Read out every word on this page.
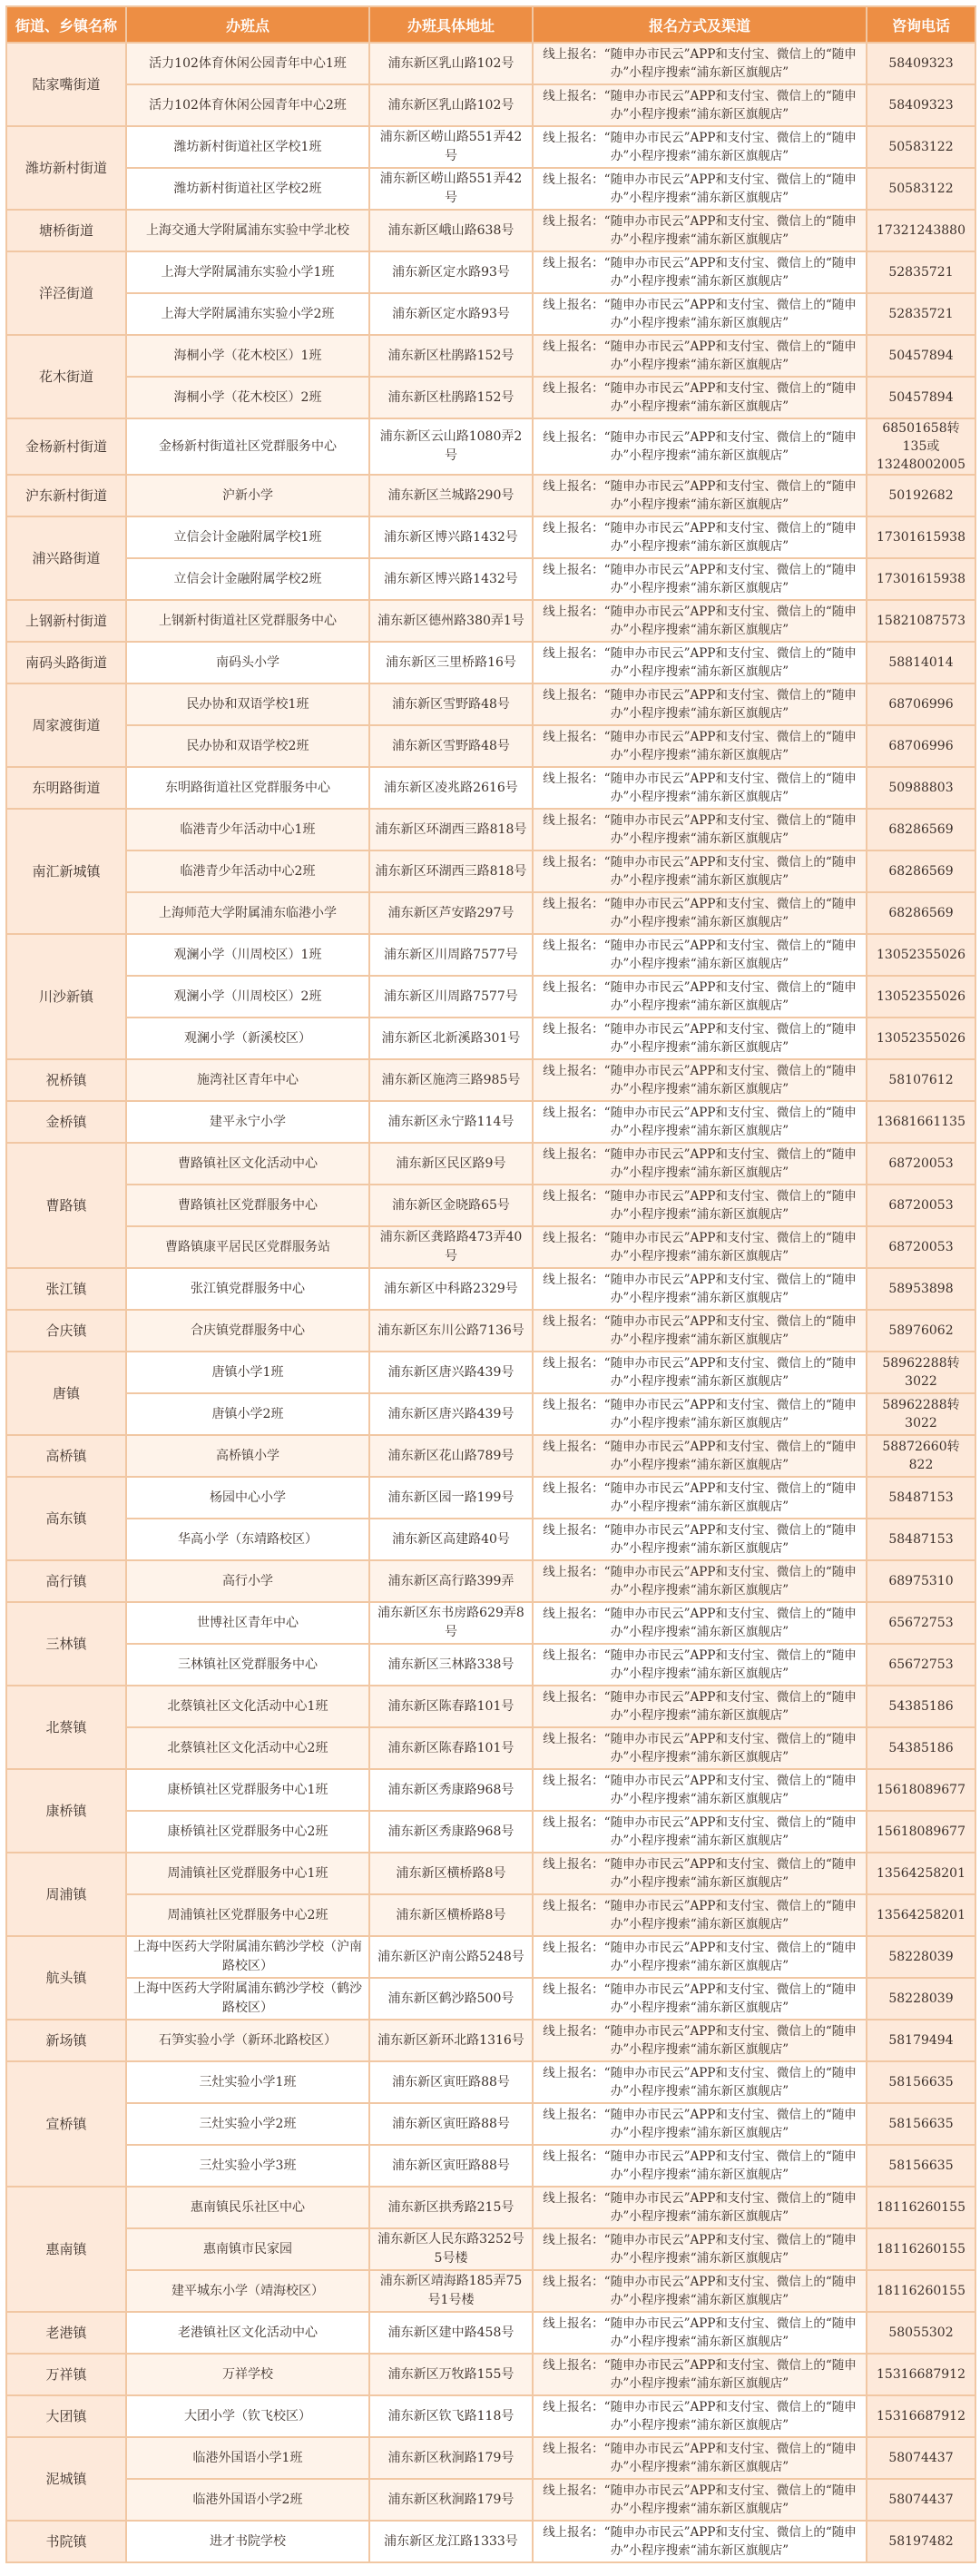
街道、乡镇名称	办班点	办班具体地址	报名方式及渠道	咨询电话
陆家嘴街道	活力102体育休闲公园青年中心1班	浦东新区乳山路102号	线上报名：“随申办市民云”APP和支付宝、微信上的“随申办”小程序搜索“浦东新区旗舰店”	58409323
	活力102体育休闲公园青年中心2班	浦东新区乳山路102号	线上报名：“随申办市民云”APP和支付宝、微信上的“随申办”小程序搜索“浦东新区旗舰店”	58409323
潍坊新村街道	潍坊新村街道社区学校1班	浦东新区崂山路551弄42号	线上报名：“随申办市民云”APP和支付宝、微信上的“随申办”小程序搜索“浦东新区旗舰店”	50583122
	潍坊新村街道社区学校2班	浦东新区崂山路551弄42号	线上报名：“随申办市民云”APP和支付宝、微信上的“随申办”小程序搜索“浦东新区旗舰店”	50583122
塘桥街道	上海交通大学附属浦东实验中学北校	浦东新区峨山路638号	线上报名：“随申办市民云”APP和支付宝、微信上的“随申办”小程序搜索“浦东新区旗舰店”	17321243880
洋泾街道	上海大学附属浦东实验小学1班	浦东新区定水路93号	线上报名：“随申办市民云”APP和支付宝、微信上的“随申办”小程序搜索“浦东新区旗舰店”	52835721
	上海大学附属浦东实验小学2班	浦东新区定水路93号	线上报名：“随申办市民云”APP和支付宝、微信上的“随申办”小程序搜索“浦东新区旗舰店”	52835721
花木街道	海桐小学（花木校区）1班	浦东新区杜鹃路152号	线上报名：“随申办市民云”APP和支付宝、微信上的“随申办”小程序搜索“浦东新区旗舰店”	50457894
	海桐小学（花木校区）2班	浦东新区杜鹃路152号	线上报名：“随申办市民云”APP和支付宝、微信上的“随申办”小程序搜索“浦东新区旗舰店”	50457894
金杨新村街道	金杨新村街道社区党群服务中心	浦东新区云山路1080弄2号	线上报名：“随申办市民云”APP和支付宝、微信上的“随申办”小程序搜索“浦东新区旗舰店”	68501658转135或13248002005
沪东新村街道	沪新小学	浦东新区兰城路290号	线上报名：“随申办市民云”APP和支付宝、微信上的“随申办”小程序搜索“浦东新区旗舰店”	50192682
浦兴路街道	立信会计金融附属学校1班	浦东新区博兴路1432号	线上报名：“随申办市民云”APP和支付宝、微信上的“随申办”小程序搜索“浦东新区旗舰店”	17301615938
	立信会计金融附属学校2班	浦东新区博兴路1432号	线上报名：“随申办市民云”APP和支付宝、微信上的“随申办”小程序搜索“浦东新区旗舰店”	17301615938
上钢新村街道	上钢新村街道社区党群服务中心	浦东新区德州路380弄1号	线上报名：“随申办市民云”APP和支付宝、微信上的“随申办”小程序搜索“浦东新区旗舰店”	15821087573
南码头路街道	南码头小学	浦东新区三里桥路16号	线上报名：“随申办市民云”APP和支付宝、微信上的“随申办”小程序搜索“浦东新区旗舰店”	58814014
周家渡街道	民办协和双语学校1班	浦东新区雪野路48号	线上报名：“随申办市民云”APP和支付宝、微信上的“随申办”小程序搜索“浦东新区旗舰店”	68706996
	民办协和双语学校2班	浦东新区雪野路48号	线上报名：“随申办市民云”APP和支付宝、微信上的“随申办”小程序搜索“浦东新区旗舰店”	68706996
东明路街道	东明路街道社区党群服务中心	浦东新区凌兆路2616号	线上报名：“随申办市民云”APP和支付宝、微信上的“随申办”小程序搜索“浦东新区旗舰店”	50988803
南汇新城镇	临港青少年活动中心1班	浦东新区环湖西三路818号	线上报名：“随申办市民云”APP和支付宝、微信上的“随申办”小程序搜索“浦东新区旗舰店”	68286569
	临港青少年活动中心2班	浦东新区环湖西三路818号	线上报名：“随申办市民云”APP和支付宝、微信上的“随申办”小程序搜索“浦东新区旗舰店”	68286569
	上海师范大学附属浦东临港小学	浦东新区芦安路297号	线上报名：“随申办市民云”APP和支付宝、微信上的“随申办”小程序搜索“浦东新区旗舰店”	68286569
川沙新镇	观澜小学（川周校区）1班	浦东新区川周路7577号	线上报名：“随申办市民云”APP和支付宝、微信上的“随申办”小程序搜索“浦东新区旗舰店”	13052355026
	观澜小学（川周校区）2班	浦东新区川周路7577号	线上报名：“随申办市民云”APP和支付宝、微信上的“随申办”小程序搜索“浦东新区旗舰店”	13052355026
	观澜小学（新溪校区）	浦东新区北新溪路301号	线上报名：“随申办市民云”APP和支付宝、微信上的“随申办”小程序搜索“浦东新区旗舰店”	13052355026
祝桥镇	施湾社区青年中心	浦东新区施湾三路985号	线上报名：“随申办市民云”APP和支付宝、微信上的“随申办”小程序搜索“浦东新区旗舰店”	58107612
金桥镇	建平永宁小学	浦东新区永宁路114号	线上报名：“随申办市民云”APP和支付宝、微信上的“随申办”小程序搜索“浦东新区旗舰店”	13681661135
曹路镇	曹路镇社区文化活动中心	浦东新区民区路9号	线上报名：“随申办市民云”APP和支付宝、微信上的“随申办”小程序搜索“浦东新区旗舰店”	68720053
	曹路镇社区党群服务中心	浦东新区金晓路65号	线上报名：“随申办市民云”APP和支付宝、微信上的“随申办”小程序搜索“浦东新区旗舰店”	68720053
	曹路镇康平居民区党群服务站	浦东新区龚路路473弄40号	线上报名：“随申办市民云”APP和支付宝、微信上的“随申办”小程序搜索“浦东新区旗舰店”	68720053
张江镇	张江镇党群服务中心	浦东新区中科路2329号	线上报名：“随申办市民云”APP和支付宝、微信上的“随申办”小程序搜索“浦东新区旗舰店”	58953898
合庆镇	合庆镇党群服务中心	浦东新区东川公路7136号	线上报名：“随申办市民云”APP和支付宝、微信上的“随申办”小程序搜索“浦东新区旗舰店”	58976062
唐镇	唐镇小学1班	浦东新区唐兴路439号	线上报名：“随申办市民云”APP和支付宝、微信上的“随申办”小程序搜索“浦东新区旗舰店”	58962288转3022
	唐镇小学2班	浦东新区唐兴路439号	线上报名：“随申办市民云”APP和支付宝、微信上的“随申办”小程序搜索“浦东新区旗舰店”	58962288转3022
高桥镇	高桥镇小学	浦东新区花山路789号	线上报名：“随申办市民云”APP和支付宝、微信上的“随申办”小程序搜索“浦东新区旗舰店”	58872660转822
高东镇	杨园中心小学	浦东新区园一路199号	线上报名：“随申办市民云”APP和支付宝、微信上的“随申办”小程序搜索“浦东新区旗舰店”	58487153
	华高小学（东靖路校区）	浦东新区高建路40号	线上报名：“随申办市民云”APP和支付宝、微信上的“随申办”小程序搜索“浦东新区旗舰店”	58487153
高行镇	高行小学	浦东新区高行路399弄	线上报名：“随申办市民云”APP和支付宝、微信上的“随申办”小程序搜索“浦东新区旗舰店”	68975310
三林镇	世博社区青年中心	浦东新区东书房路629弄8号	线上报名：“随申办市民云”APP和支付宝、微信上的“随申办”小程序搜索“浦东新区旗舰店”	65672753
	三林镇社区党群服务中心	浦东新区三林路338号	线上报名：“随申办市民云”APP和支付宝、微信上的“随申办”小程序搜索“浦东新区旗舰店”	65672753
北蔡镇	北蔡镇社区文化活动中心1班	浦东新区陈春路101号	线上报名：“随申办市民云”APP和支付宝、微信上的“随申办”小程序搜索“浦东新区旗舰店”	54385186
	北蔡镇社区文化活动中心2班	浦东新区陈春路101号	线上报名：“随申办市民云”APP和支付宝、微信上的“随申办”小程序搜索“浦东新区旗舰店”	54385186
康桥镇	康桥镇社区党群服务中心1班	浦东新区秀康路968号	线上报名：“随申办市民云”APP和支付宝、微信上的“随申办”小程序搜索“浦东新区旗舰店”	15618089677
	康桥镇社区党群服务中心2班	浦东新区秀康路968号	线上报名：“随申办市民云”APP和支付宝、微信上的“随申办”小程序搜索“浦东新区旗舰店”	15618089677
周浦镇	周浦镇社区党群服务中心1班	浦东新区横桥路8号	线上报名：“随申办市民云”APP和支付宝、微信上的“随申办”小程序搜索“浦东新区旗舰店”	13564258201
	周浦镇社区党群服务中心2班	浦东新区横桥路8号	线上报名：“随申办市民云”APP和支付宝、微信上的“随申办”小程序搜索“浦东新区旗舰店”	13564258201
航头镇	上海中医药大学附属浦东鹤沙学校（沪南路校区）	浦东新区沪南公路5248号	线上报名：“随申办市民云”APP和支付宝、微信上的“随申办”小程序搜索“浦东新区旗舰店”	58228039
	上海中医药大学附属浦东鹤沙学校（鹤沙路校区）	浦东新区鹤沙路500号	线上报名：“随申办市民云”APP和支付宝、微信上的“随申办”小程序搜索“浦东新区旗舰店”	58228039
新场镇	石笋实验小学（新环北路校区）	浦东新区新环北路1316号	线上报名：“随申办市民云”APP和支付宝、微信上的“随申办”小程序搜索“浦东新区旗舰店”	58179494
宣桥镇	三灶实验小学1班	浦东新区寅旺路88号	线上报名：“随申办市民云”APP和支付宝、微信上的“随申办”小程序搜索“浦东新区旗舰店”	58156635
	三灶实验小学2班	浦东新区寅旺路88号	线上报名：“随申办市民云”APP和支付宝、微信上的“随申办”小程序搜索“浦东新区旗舰店”	58156635
	三灶实验小学3班	浦东新区寅旺路88号	线上报名：“随申办市民云”APP和支付宝、微信上的“随申办”小程序搜索“浦东新区旗舰店”	58156635
惠南镇	惠南镇民乐社区中心	浦东新区拱秀路215号	线上报名：“随申办市民云”APP和支付宝、微信上的“随申办”小程序搜索“浦东新区旗舰店”	18116260155
	惠南镇市民家园	浦东新区人民东路3252号5号楼	线上报名：“随申办市民云”APP和支付宝、微信上的“随申办”小程序搜索“浦东新区旗舰店”	18116260155
	建平城东小学（靖海校区）	浦东新区靖海路185弄75号1号楼	线上报名：“随申办市民云”APP和支付宝、微信上的“随申办”小程序搜索“浦东新区旗舰店”	18116260155
老港镇	老港镇社区文化活动中心	浦东新区建中路458号	线上报名：“随申办市民云”APP和支付宝、微信上的“随申办”小程序搜索“浦东新区旗舰店”	58055302
万祥镇	万祥学校	浦东新区万牧路155号	线上报名：“随申办市民云”APP和支付宝、微信上的“随申办”小程序搜索“浦东新区旗舰店”	15316687912
大团镇	大团小学（钦飞校区）	浦东新区钦飞路118号	线上报名：“随申办市民云”APP和支付宝、微信上的“随申办”小程序搜索“浦东新区旗舰店”	15316687912
泥城镇	临港外国语小学1班	浦东新区秋涧路179号	线上报名：“随申办市民云”APP和支付宝、微信上的“随申办”小程序搜索“浦东新区旗舰店”	58074437
	临港外国语小学2班	浦东新区秋涧路179号	线上报名：“随申办市民云”APP和支付宝、微信上的“随申办”小程序搜索“浦东新区旗舰店”	58074437
书院镇	进才书院学校	浦东新区龙江路1333号	线上报名：“随申办市民云”APP和支付宝、微信上的“随申办”小程序搜索“浦东新区旗舰店”	58197482
